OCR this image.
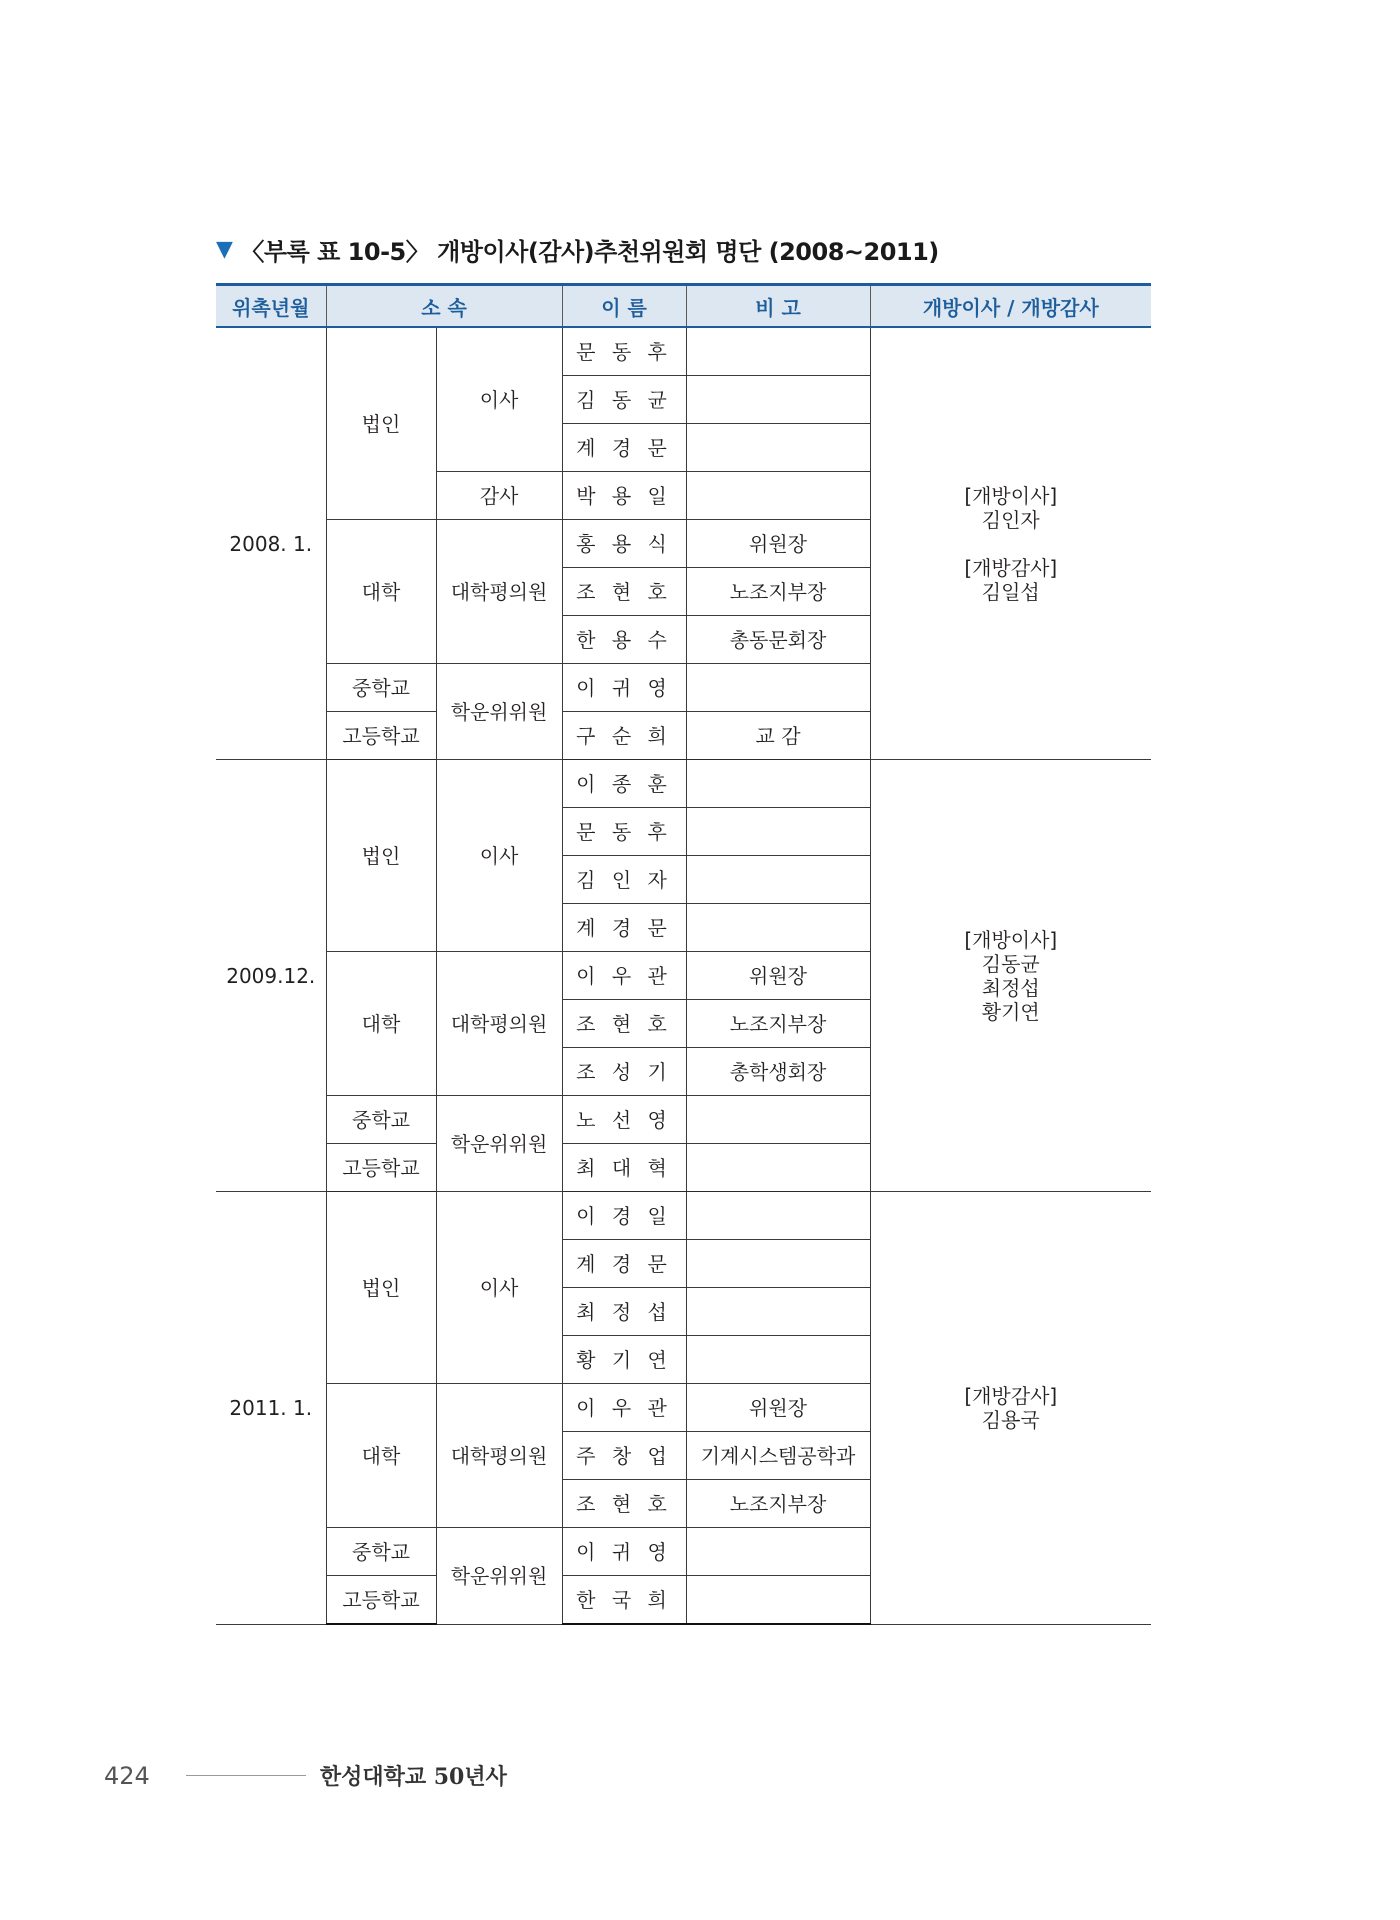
▼ 〈부록 표 10-5〉 개방이사(감사)추천위원회 명단 (2008~2011)
위촉년월	소 속		이 름	비 고	개방이사 / 개방감사
2008. 1.	법인	이사	문 동 후		[개방이사]
김인자

[개방감사]
김일섭
			김 동 균		
			계 경 문		
		감사	박 용 일		
	대학	대학평의원	홍 용 식	위원장	
			조 현 호	노조지부장	
			한 용 수	총동문회장	
	중학교	학운위위원	이 귀 영		
	고등학교		구 순 희	교 감	
2009.12.	법인	이사	이 종 훈		[개방이사]
김동균
최정섭
황기연
			문 동 후		
			김 인 자		
			계 경 문		
	대학	대학평의원	이 우 관	위원장	
			조 현 호	노조지부장	
			조 성 기	총학생회장	
	중학교	학운위위원	노 선 영		
	고등학교		최 대 혁		
2011. 1.	법인	이사	이 경 일		[개방감사]
김용국
			계 경 문		
			최 정 섭		
			황 기 연		
	대학	대학평의원	이 우 관	위원장	
			주 창 업	기계시스템공학과	
			조 현 호	노조지부장	
	중학교	학운위위원	이 귀 영		
	고등학교		한 국 희		
424	한성대학교 50년사
